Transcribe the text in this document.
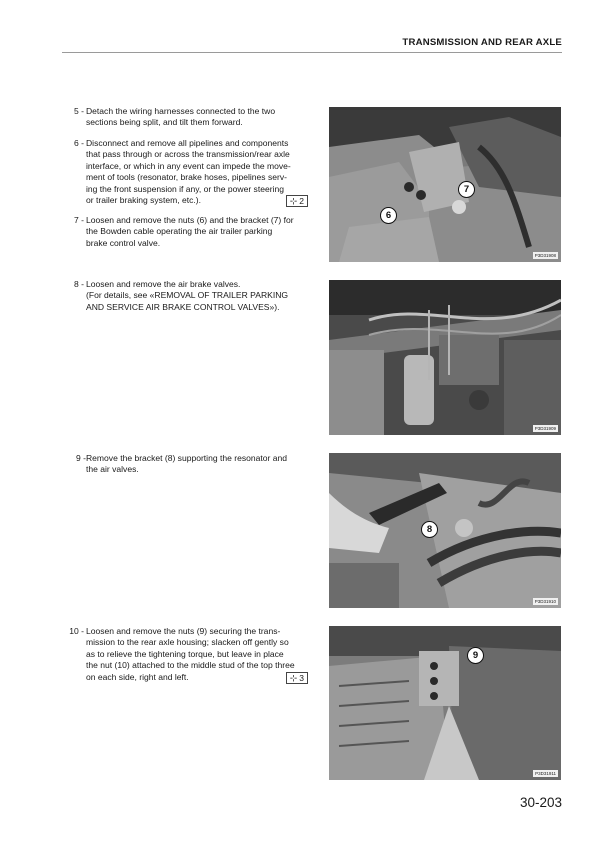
TRANSMISSION AND REAR AXLE
5 - Detach the wiring harnesses connected to the two
sections being split, and tilt them forward.
6 - Disconnect and remove all pipelines and components
that pass through or across the transmission/rear axle
interface, or which in any event can impede the move-
ment of tools (resonator, brake hoses, pipelines serv-
ing the front suspension if any, or the power steering
or trailer braking system, etc.).	⊹ 2
7 - Loosen and remove the nuts (6) and the bracket (7) for
the Bowden cable operating the air trailer parking
brake control valve.
8 - Loosen and remove the air brake valves.
(For details, see «REMOVAL OF TRAILER PARKING
AND SERVICE AIR BRAKE CONTROL VALVES»).
9 - Remove the bracket (8) supporting the resonator and
the air valves.
10 - Loosen and remove the nuts (9) securing the trans-
mission to the rear axle housing; slacken off gently so
as to relieve the tightening torque, but leave in place
the nut (10) attached to the middle stud of the top three
on each side, right and left.	⊹ 3
7
6
P3D31908
P3D31909
8
P3D31910
9
P3D31911
30-203
